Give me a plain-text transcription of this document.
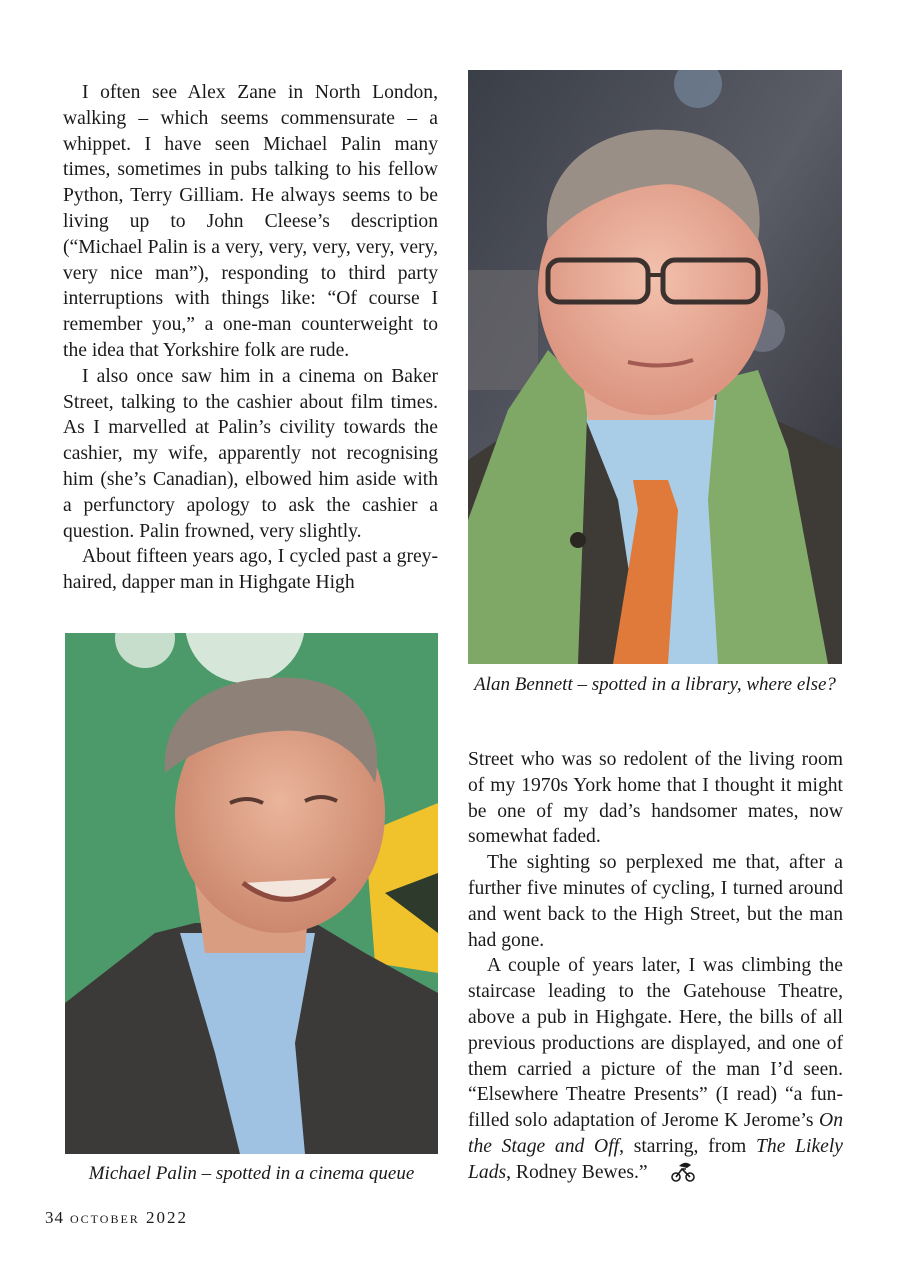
I often see Alex Zane in North London, walking – which seems commensurate – a whippet. I have seen Michael Palin many times, sometimes in pubs talking to his fellow Python, Terry Gilliam. He always seems to be living up to John Cleese’s description (“Michael Palin is a very, very, very, very, very, very nice man”), responding to third party interruptions with things like: “Of course I remember you,” a one-man counterweight to the idea that Yorkshire folk are rude.

I also once saw him in a cinema on Baker Street, talking to the cashier about film times. As I marvelled at Palin’s civility towards the cashier, my wife, apparently not recognising him (she’s Canadian), elbowed him aside with a perfunctory apology to ask the cashier a question. Palin frowned, very slightly.

About fifteen years ago, I cycled past a grey-haired, dapper man in Highgate High

Alan Bennett – spotted in a library, where else?
Michael Palin – spotted in a cinema queue

Street who was so redolent of the living room of my 1970s York home that I thought it might be one of my dad’s handsomer mates, now somewhat faded.

The sighting so perplexed me that, after a further five minutes of cycling, I turned around and went back to the High Street, but the man had gone.

A couple of years later, I was climbing the staircase leading to the Gatehouse Theatre, above a pub in Highgate. Here, the bills of all previous productions are displayed, and one of them carried a picture of the man I’d seen. “Elsewhere Theatre Presents” (I read) “a fun-filled solo adaptation of Jerome K Jerome’s On the Stage and Off, starring, from The Likely Lads, Rodney Bewes.”

34 october 2022
